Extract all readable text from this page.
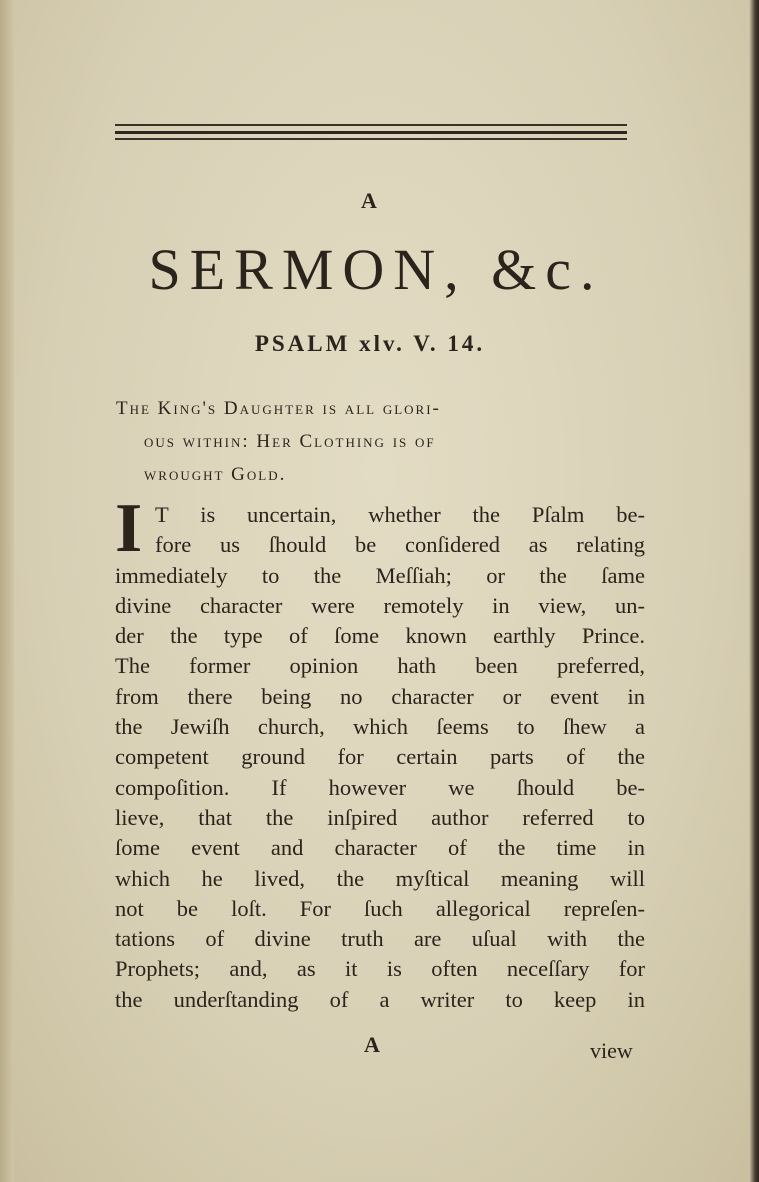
A
SERMON, &c.
PSALM xlv. V. 14.
The King's Daughter is all glori-
ous within: Her Clothing is of
wrought Gold.
I T is uncertain, whether the Pſalm be-
fore us ſhould be conſidered as relating
immediately to the Meſſiah; or the ſame
divine character were remotely in view, un-
der the type of ſome known earthly Prince.
The former opinion hath been preferred,
from there being no character or event in
the Jewiſh church, which ſeems to ſhew a
competent ground for certain parts of the
compoſition. If however we ſhould be-
lieve, that the inſpired author referred to
ſome event and character of the time in
which he lived, the myſtical meaning will
not be loſt. For ſuch allegorical repreſen-
tations of divine truth are uſual with the
Prophets; and, as it is often neceſſary for
the underſtanding of a writer to keep in
A	view
